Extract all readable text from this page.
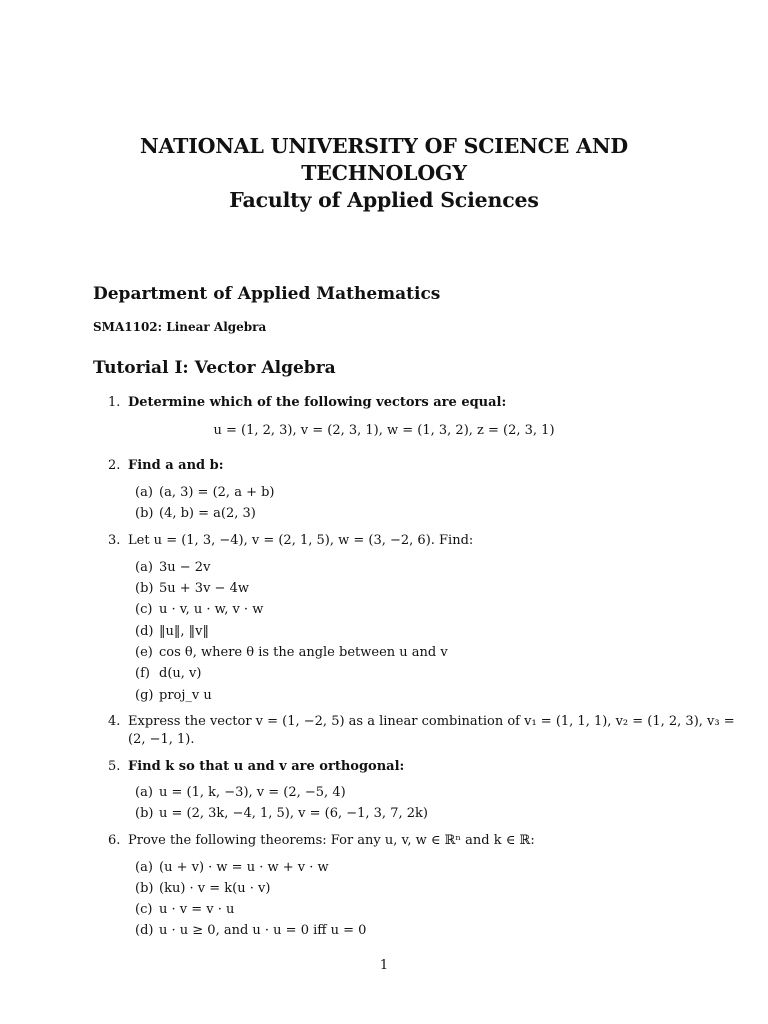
NATIONAL UNIVERSITY OF SCIENCE AND
TECHNOLOGY
Faculty of Applied Sciences
Department of Applied Mathematics
SMA1102: Linear Algebra
Tutorial I: Vector Algebra
1. Determine which of the following vectors are equal:
u = (1, 2, 3), v = (2, 3, 1), w = (1, 3, 2), z = (2, 3, 1)
2. Find a and b:
(a) (a, 3) = (2, a + b)
(b) (4, b) = a(2, 3)
3. Let u = (1, 3, −4), v = (2, 1, 5), w = (3, −2, 6). Find:
(a) 3u − 2v
(b) 5u + 3v − 4w
(c) u · v, u · w, v · w
(d) ‖u‖, ‖v‖
(e) cos θ, where θ is the angle between u and v
(f) d(u, v)
(g) proj_v u
4. Express the vector v = (1, −2, 5) as a linear combination of v₁ = (1, 1, 1), v₂ = (1, 2, 3), v₃ =
(2, −1, 1).
5. Find k so that u and v are orthogonal:
(a) u = (1, k, −3), v = (2, −5, 4)
(b) u = (2, 3k, −4, 1, 5), v = (6, −1, 3, 7, 2k)
6. Prove the following theorems: For any u, v, w ∈ ℝⁿ and k ∈ ℝ:
(a) (u + v) · w = u · w + v · w
(b) (ku) · v = k(u · v)
(c) u · v = v · u
(d) u · u ≥ 0, and u · u = 0 iff u = 0
1
